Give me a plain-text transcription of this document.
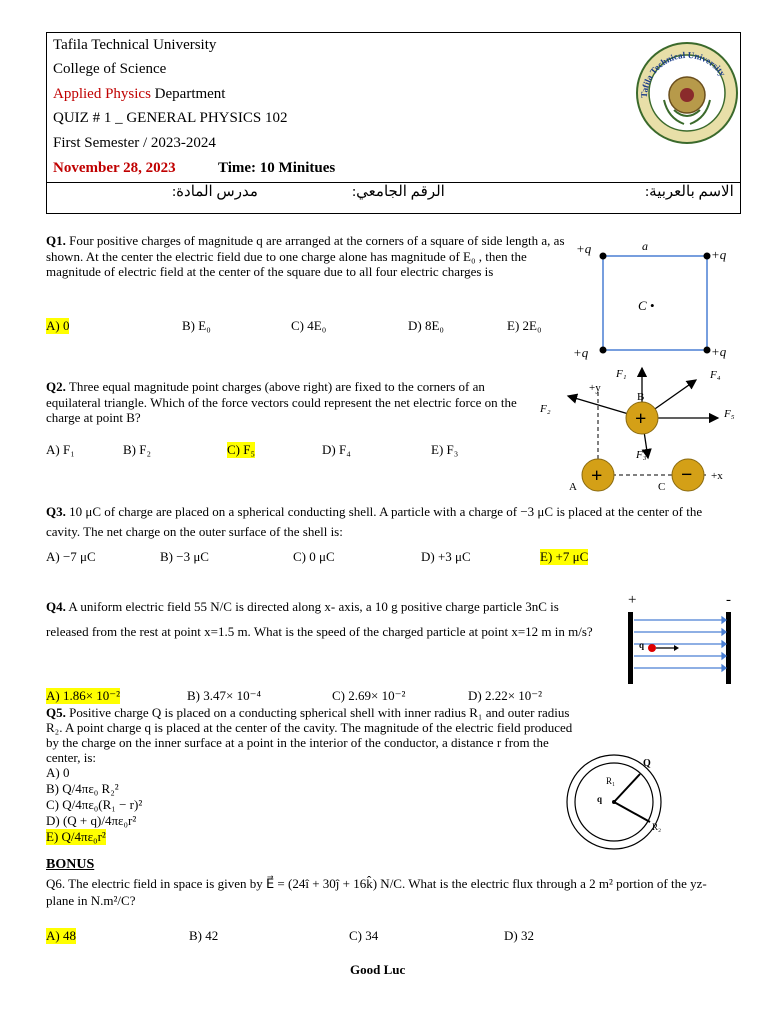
Tafila Technical University
College of Science
Applied Physics Department
QUIZ # 1 _ GENERAL PHYSICS 102
First Semester / 2023-2024
November 28, 2023	Time: 10 Minitues
Tafila Technical University
الاسم بالعربية:
الرقم الجامعي:
مدرس المادة:
Q1. Four positive charges of magnitude q are arranged at the corners of a square of side length a, as shown. At the center the electric field due to one charge alone has magnitude of E₀ , then the magnitude of electric field at the center of the square due to all four electric charges is
A) 0	B) E₀	C) 4E₀	D) 8E₀	E) 2E₀
+q	+q
+q	+q
a
C •
Q2. Three equal magnitude point charges (above right) are fixed to the corners of an equilateral triangle. Which of the force vectors could represent the net electric force on the charge at point B?
A) F₁	B) F₂	C) F₅	D) F₄	E) F₃
+y
+x
F₁
F₂
F₃
F₄
F₅
+
B
+
A
−
C
Q3. 10 μC of charge are placed on a spherical conducting shell. A particle with a charge of −3 μC is placed at the center of the cavity. The net charge on the outer surface of the shell is:
A) −7 μC	B) −3 μC	C) 0 μC	D) +3 μC	E) +7 μC
Q4. A uniform electric field 55 N/C is directed along x- axis, a 10 g positive charge particle 3nC is released from the rest at point x=1.5 m. What is the speed of the charged particle at point x=12 m in m/s?
A) 1.86× 10⁻²	B) 3.47× 10⁻⁴	C) 2.69× 10⁻²	D) 2.22× 10⁻²
+	-
q
Q5. Positive charge Q is placed on a conducting spherical shell with inner radius R₁ and outer radius R₂. A point charge q is placed at the center of the cavity. The magnitude of the electric field produced by the charge on the inner surface at a point in the interior of the conductor, a distance r from the center, is:
A) 0
B) Q/4πε₀ R₂²
C) Q/4πε₀(R₁ − r)²
D) (Q + q)/4πε₀r²
E) Q/4πε₀r²
R₁
q
Q
R₂
BONUS
Q6. The electric field in space is given by E⃗ = (24î + 30ĵ + 16k̂) N/C. What is the electric flux through a 2 m² portion of the yz-plane in N.m²/C?
A) 48	B) 42	C) 34	D) 32
Good Luc
